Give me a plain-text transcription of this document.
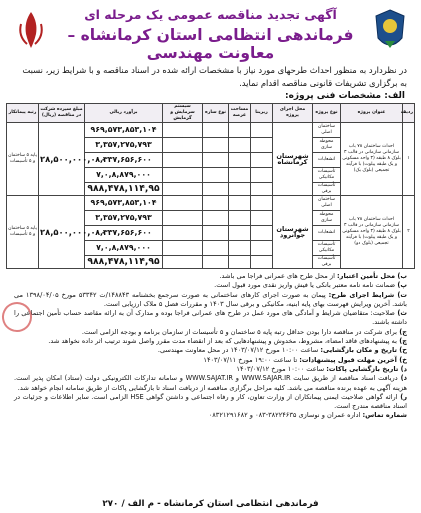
آگهی تجدید مناقصه عمومی یک مرحله ای
فرماندهی انتظامی استان کرمانشاه –معاونت مهندسی
در نظردارد به منظور احداث طرحهای مورد نیاز با مشخصات ارائه شده در اسناد مناقصه و با شرایط زیر، نسبت به برگزاری تشریفات قانونی مناقصه اقدام نماید.
الف: مشخصات فنی پروژه:
ردیف	عنوان پروژه	نوع پروژه	محل اجرای پروژه	زیربنا	مساحت عرصه	نوع سازه	سیستم سرمایش و گرمایش	برآورد ریالی	مبلغ سپرده شرکت در مناقصه (ریال)	رتبه پیمانکار
۱	احداث ساختمان ۷۸ باب سازمانی سازمانی در قالب ۳ بلوک ۸ طبقه (۳ واحد مسکونی و یک طبقه پیلوت) با فرآیند تجمیعی (بلوک یک)	ساختمان اصلی	شهرستان کرمانشاه					۹۶۹,۵۷۳,۸۵۳,۱۰۴	۲۸,۵۰۰,۰۰۰,۰۰۰	پایه ۵ ساختمان و ۵ تأسیسات
		محوطه سازی						۳,۳۵۷,۲۷۵,۷۹۳		
		انشعابات						۸,۳۳۷,۶۵۶,۶۰۰		
		تأسیسات مکانیکی						۷,۰,۸,۸۷۹,۰۰۰		
		تأسیسات برقی						۹۸۸,۴۷۸,۱۱۴,۹۵		
۲	احداث ساختمان ۷۸ باب سازمانی سازمانی در قالب ۳ بلوک ۸ طبقه (۳ واحد مسکونی و یک طبقه پیلوت) با فرآیند تجمیعی (بلوک دو)	ساختمان اصلی	شهرستان جوانرود					۹۶۹,۵۷۳,۸۵۳,۱۰۴	۲۸,۵۰۰,۰۰۰,۰۰۰	پایه ۵ ساختمان و ۵ تأسیسات
		محوطه سازی						۳,۳۵۷,۲۷۵,۷۹۳		
		انشعابات						۸,۳۳۷,۶۵۶,۶۰۰		
		تأسیسات مکانیکی						۷,۰,۸,۸۷۹,۰۰۰		
		تأسیسات برقی						۹۸۸,۴۷۸,۱۱۴,۹۵		

ب) محل تأمین اعتبار: از محل طرح های عمرانی فراجا می باشد.

پ) ضمانت نامه نامه معتبر بانکی یا فیش واریز نقدی مورد قبول است.

ت) شرایط اجرای طرح: پیمان به صورت اجرای کارهای ساختمانی به صورت سرجمع بخشنامه ۱۴۸۸۴۳/ت ۵۳۳۴۲ مورخ ۱۳۹۸/۰۴/۰۵ می باشد. آخرین ویرایش فهرست بهای پایه ابنیه، مکانیکی و برقی سال ۱۴۰۳ و مقررات فصل ۵ ملاک ارزیابی است.

ث) صلاحیت: متقاضیان شرایط و آمادگی های مورد عمل در طرح های عمرانی فراجا بوده و مدارک آن به ارائه مقاصد حساب تأمین اجتماعی را داشته باشند.

ج) برای شرکت در مناقصه دارا بودن حداقل رتبه پایه ۵ ساختمان و ۵ تأسیسات از سازمان برنامه و بودجه الزامی است.

چ) به پیشنهادهای فاقد امضاء، مشروط، مخدوش و پیشنهادهایی که بعد از انقضاء مدت مقرر واصل شوند ترتیب اثر داده نخواهد شد.

ح) تاریخ و مکان بازگشایی: ساعت ۱۰:۰۰ مورخ ۱۴۰۳/۰۷/۱۲ در محل معاونت مهندسی.

خ) آخرین مهلت قبول پیشنهادات: تا ساعت ۱۹:۰۰ مورخ ۱۴۰۳/۰۷/۱۱

د) تاریخ بازگشایی پاکات: ساعت ۱۰:۰۰ مورخ ۱۴۰۳/۰۷/۱۲

ذ) دریافت اسناد مناقصه از طریق سایت WWW.SAJAR.IR و WWW.SAJAT.IR و سامانه تدارکات الکترونیکی دولت (ستاد) امکان پذیر است. هزینه آگهی به عهده برنده مناقصه می باشد. کلیه مراحل برگزاری مناقصه از دریافت اسناد تا بازگشایی پاکات از طریق سامانه انجام خواهد شد.

ر) ارائه گواهی صلاحیت ایمنی پیمانکاران از وزارت تعاون، کار و رفاه اجتماعی و داشتن گواهی HSE الزامی است. سایر اطلاعات و جزئیات در اسناد مناقصه مندرج است.

شماره تماس: اداره عمران و نوسازی ۳۸۲۲۴۶۳۵-۰۸۳ و ۰۸۳۲۱۲۹۱۶۸۲

فرماندهی انتظامی استان کرمانشاه - م الف / ۲۷۰
